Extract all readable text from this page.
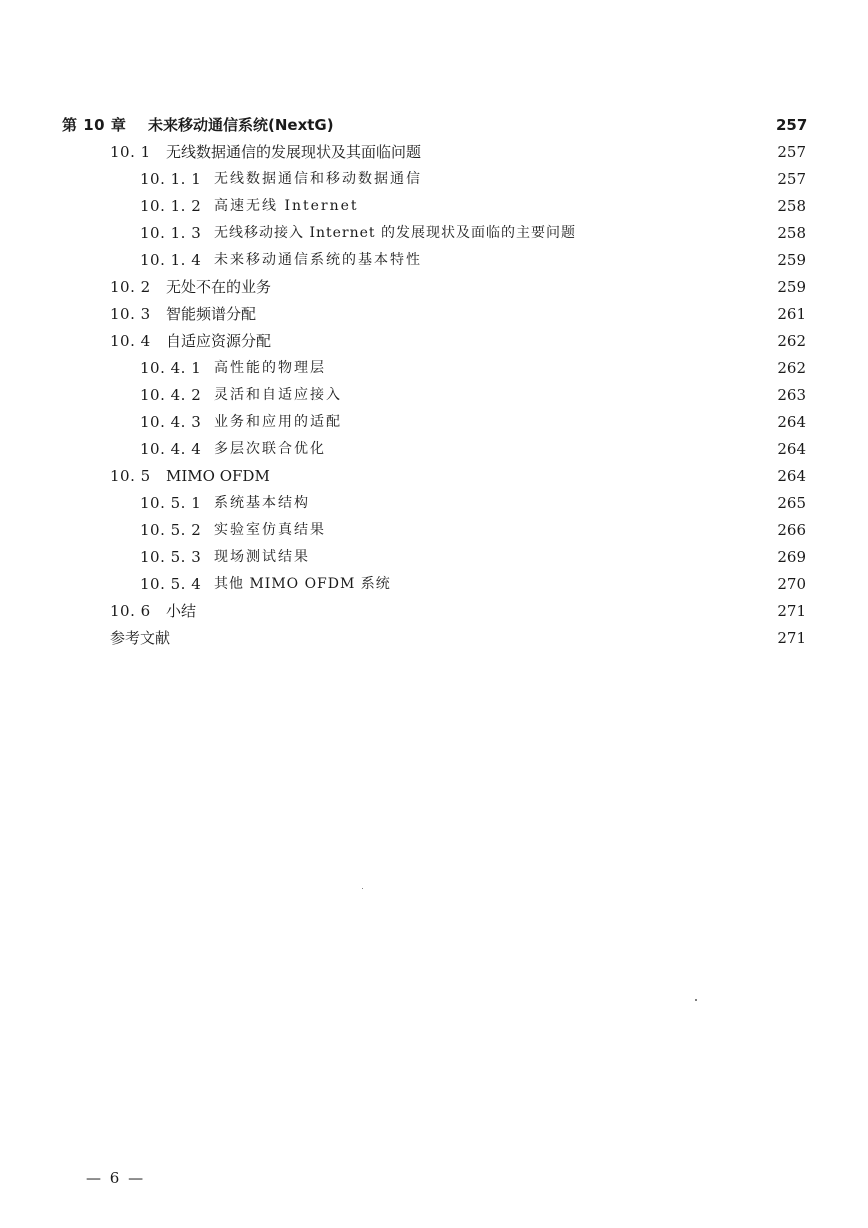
第 10 章	未来移动通信系统(NextG)	257
10. 1	无线数据通信的发展现状及其面临问题	257
10. 1. 1 无线数据通信和移动数据通信	257
10. 1. 2 高速无线 Internet	258
10. 1. 3 无线移动接入 Internet 的发展现状及面临的主要问题	258
10. 1. 4 未来移动通信系统的基本特性	259
10. 2	无处不在的业务	259
10. 3	智能频谱分配	261
10. 4	自适应资源分配	262
10. 4. 1 高性能的物理层	262
10. 4. 2 灵活和自适应接入	263
10. 4. 3 业务和应用的适配	264
10. 4. 4 多层次联合优化	264
10. 5	MIMO OFDM	264
10. 5. 1 系统基本结构	265
10. 5. 2 实验室仿真结果	266
10. 5. 3 现场测试结果	269
10. 5. 4 其他 MIMO OFDM 系统	270
10. 6	小结	271
参考文献	271
— 6 —
